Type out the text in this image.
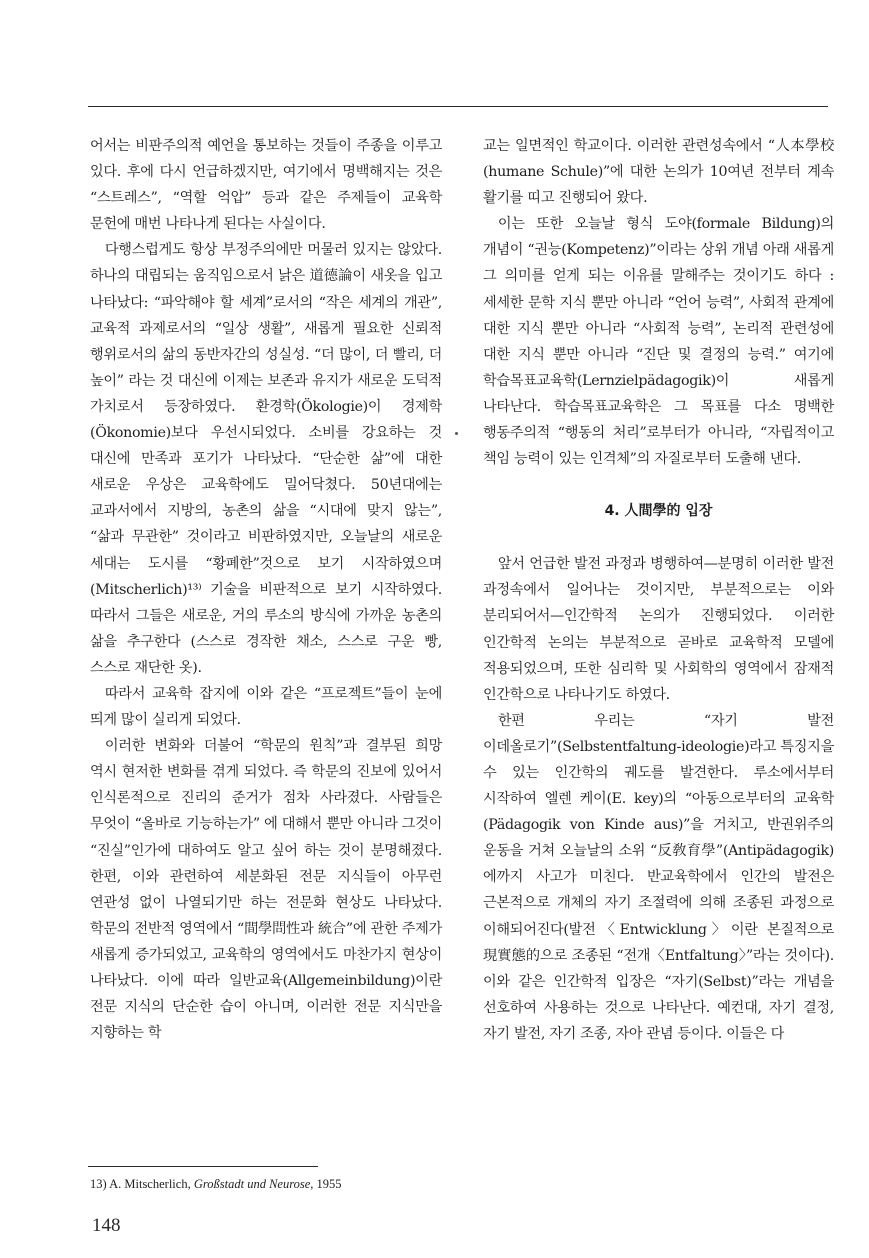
어서는 비판주의적 예언을 통보하는 것들이 주종을 이루고 있다. 후에 다시 언급하겠지만, 여기에서 명백해지는 것은 “스트레스”, “역할 억압” 등과 같은 주제들이 교육학 문헌에 매번 나타나게 된다는 사실이다.

다행스럽게도 항상 부정주의에만 머물러 있지는 않았다. 하나의 대립되는 움직임으로서 낡은 道德論이 새옷을 입고 나타났다: “파악해야 할 세계”로서의 “작은 세계의 개관”, 교육적 과제로서의 “일상 생활”, 새롭게 필요한 신뢰적 행위로서의 삶의 동반자간의 성실성. “더 많이, 더 빨리, 더 높이” 라는 것 대신에 이제는 보존과 유지가 새로운 도덕적 가치로서 등장하였다. 환경학(Ökologie)이 경제학(Ökonomie)보다 우선시되었다. 소비를 강요하는 것 대신에 만족과 포기가 나타났다. “단순한 삶”에 대한 새로운 우상은 교육학에도 밀어닥쳤다. 50년대에는 교과서에서 지방의, 농촌의 삶을 “시대에 맞지 않는”, “삶과 무관한” 것이라고 비판하였지만, 오늘날의 새로운 세대는 도시를 “황폐한”것으로 보기 시작하였으며(Mitscherlich)¹³⁾ 기술을 비판적으로 보기 시작하였다. 따라서 그들은 새로운, 거의 루소의 방식에 가까운 농촌의 삶을 추구한다 (스스로 경작한 채소, 스스로 구운 빵, 스스로 재단한 옷).

따라서 교육학 잡지에 이와 같은 “프로젝트”들이 눈에 띄게 많이 실리게 되었다.

이러한 변화와 더불어 “학문의 원칙”과 결부된 희망 역시 현저한 변화를 겪게 되었다. 즉 학문의 진보에 있어서 인식론적으로 진리의 준거가 점차 사라졌다. 사람들은 무엇이 “올바로 기능하는가” 에 대해서 뿐만 아니라 그것이 “진실”인가에 대하여도 알고 싶어 하는 것이 분명해졌다. 한편, 이와 관련하여 세분화된 전문 지식들이 아무런 연관성 없이 나열되기만 하는 전문화 현상도 나타났다. 학문의 전반적 영역에서 “間學問性과 統合”에 관한 주제가 새롭게 증가되었고, 교육학의 영역에서도 마찬가지 현상이 나타났다. 이에 따라 일반교육(Allgemeinbildung)이란 전문 지식의 단순한 습이 아니며, 이러한 전문 지식만을 지향하는 학

교는 일면적인 학교이다. 이러한 관련성속에서 “人本學校(humane Schule)”에 대한 논의가 10여년 전부터 계속 활기를 띠고 진행되어 왔다.

이는 또한 오늘날 형식 도야(formale Bildung)의 개념이 “권능(Kompetenz)”이라는 상위 개념 아래 새롭게 그 의미를 얻게 되는 이유를 말해주는 것이기도 하다 : 세세한 문학 지식 뿐만 아니라 “언어 능력”, 사회적 관계에 대한 지식 뿐만 아니라 “사회적 능력”, 논리적 관련성에 대한 지식 뿐만 아니라 “진단 및 결정의 능력.” 여기에 학습목표교육학(Lernzielpädagogik)이 새롭게 나타난다. 학습목표교육학은 그 목표를 다소 명백한 행동주의적 “행동의 처리”로부터가 아니라, “자립적이고 책임 능력이 있는 인격체”의 자질로부터 도출해 낸다.

4. 人間學的 입장

앞서 언급한 발전 과정과 병행하여—분명히 이러한 발전 과정속에서 일어나는 것이지만, 부분적으로는 이와 분리되어서—인간학적 논의가 진행되었다. 이러한 인간학적 논의는 부분적으로 곧바로 교육학적 모델에 적용되었으며, 또한 심리학 및 사회학의 영역에서 잠재적 인간학으로 나타나기도 하였다.

한편 우리는 “자기 발전 이데올로기”(Selbstentfaltung-ideologie)라고 특징지을 수 있는 인간학의 궤도를 발견한다. 루소에서부터 시작하여 엘렌 케이(E. key)의 “아동으로부터의 교육학(Pädagogik von Kinde aus)”을 거치고, 반권위주의 운동을 거쳐 오늘날의 소위 “反敎育學”(Antipädagogik) 에까지 사고가 미친다. 반교육학에서 인간의 발전은 근본적으로 개체의 자기 조절력에 의해 조종된 과정으로 이해되어진다(발전〈Entwicklung〉이란 본질적으로 現實態的으로 조종된 “전개〈Entfaltung〉”라는 것이다). 이와 같은 인간학적 입장은 “자기(Selbst)”라는 개념을 선호하여 사용하는 것으로 나타난다. 예컨대, 자기 결정, 자기 발전, 자기 조종, 자아 관념 등이다. 이들은 다

13) A. Mitscherlich, Großstadt und Neurose, 1955
148
